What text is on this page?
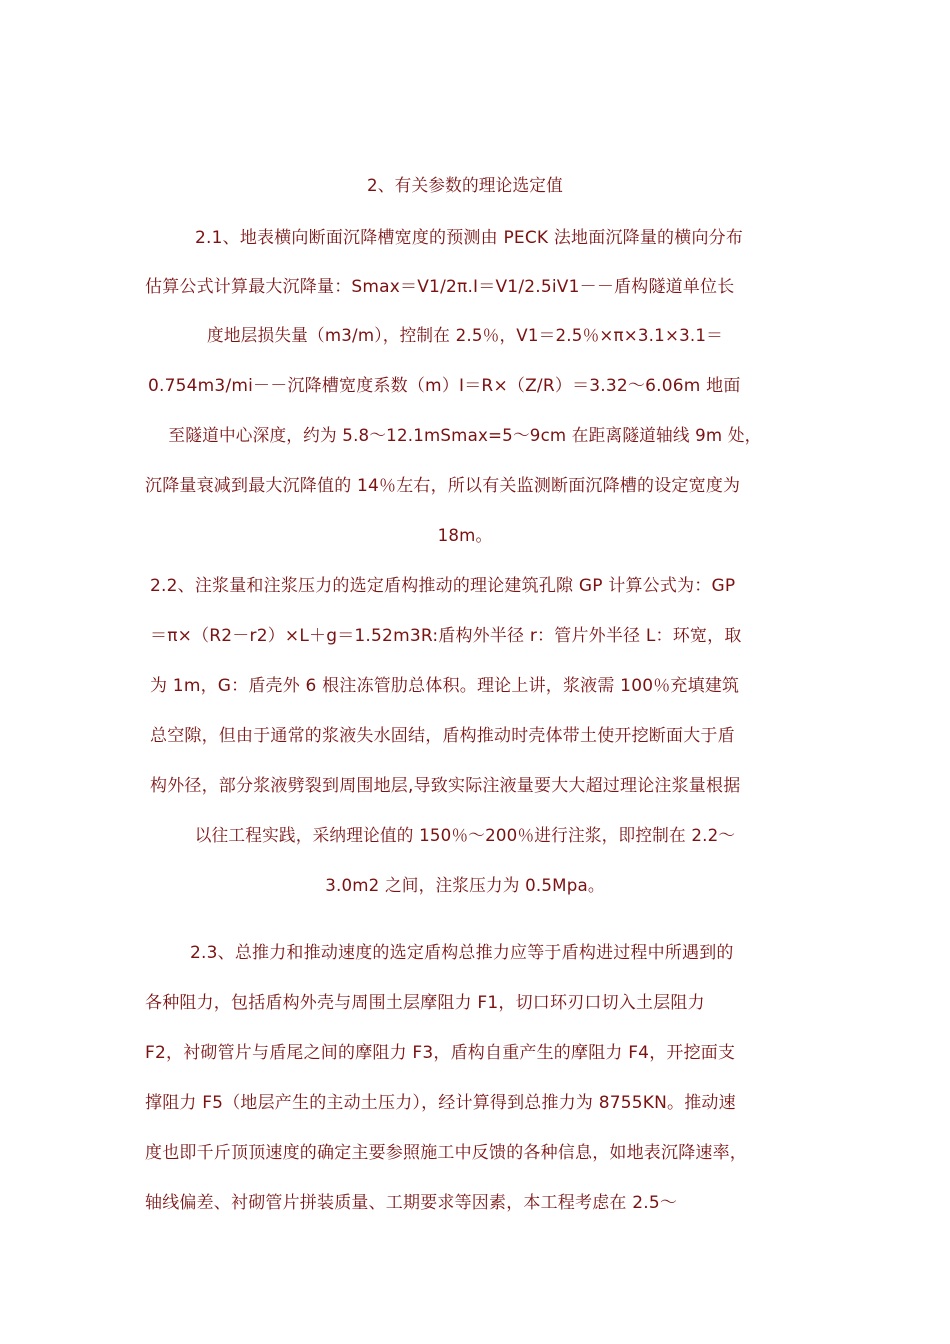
2、有关参数的理论选定值
2.1、地表横向断面沉降槽宽度的预测由 PECK 法地面沉降量的横向分布
估算公式计算最大沉降量：Smax＝V1/2π.I＝V1/2.5iV1－－盾构隧道单位长
度地层损失量（m3/m），控制在 2.5％，V1＝2.5％×π×3.1×3.1＝
0.754m3/mi－－沉降槽宽度系数（m）I＝R×（Z/R）＝3.32～6.06m 地面
至隧道中心深度，约为 5.8～12.1mSmax=5～9cm 在距离隧道轴线 9m 处，
沉降量衰减到最大沉降值的 14％左右，所以有关监测断面沉降槽的设定宽度为
18m。
2.2、注浆量和注浆压力的选定盾构推动的理论建筑孔隙 GP 计算公式为：GP
＝π×（R2－r2）×L＋g＝1.52m3R:盾构外半径 r：管片外半径 L：环宽，取
为 1m，G：盾壳外 6 根注冻管肋总体积。理论上讲，浆液需 100％充填建筑
总空隙，但由于通常的浆液失水固结，盾构推动时壳体带土使开挖断面大于盾
构外径，部分浆液劈裂到周围地层,导致实际注液量要大大超过理论注浆量根据
以往工程实践，采纳理论值的 150％～200％进行注浆，即控制在 2.2～
3.0m2 之间，注浆压力为 0.5Mpa。
2.3、总推力和推动速度的选定盾构总推力应等于盾构进过程中所遇到的
各种阻力，包括盾构外壳与周围土层摩阻力 F1，切口环刃口切入土层阻力
F2，衬砌管片与盾尾之间的摩阻力 F3，盾构自重产生的摩阻力 F4，开挖面支
撑阻力 F5（地层产生的主动土压力），经计算得到总推力为 8755KN。推动速
度也即千斤顶顶速度的确定主要参照施工中反馈的各种信息，如地表沉降速率，
轴线偏差、衬砌管片拼装质量、工期要求等因素，本工程考虑在 2.5～
